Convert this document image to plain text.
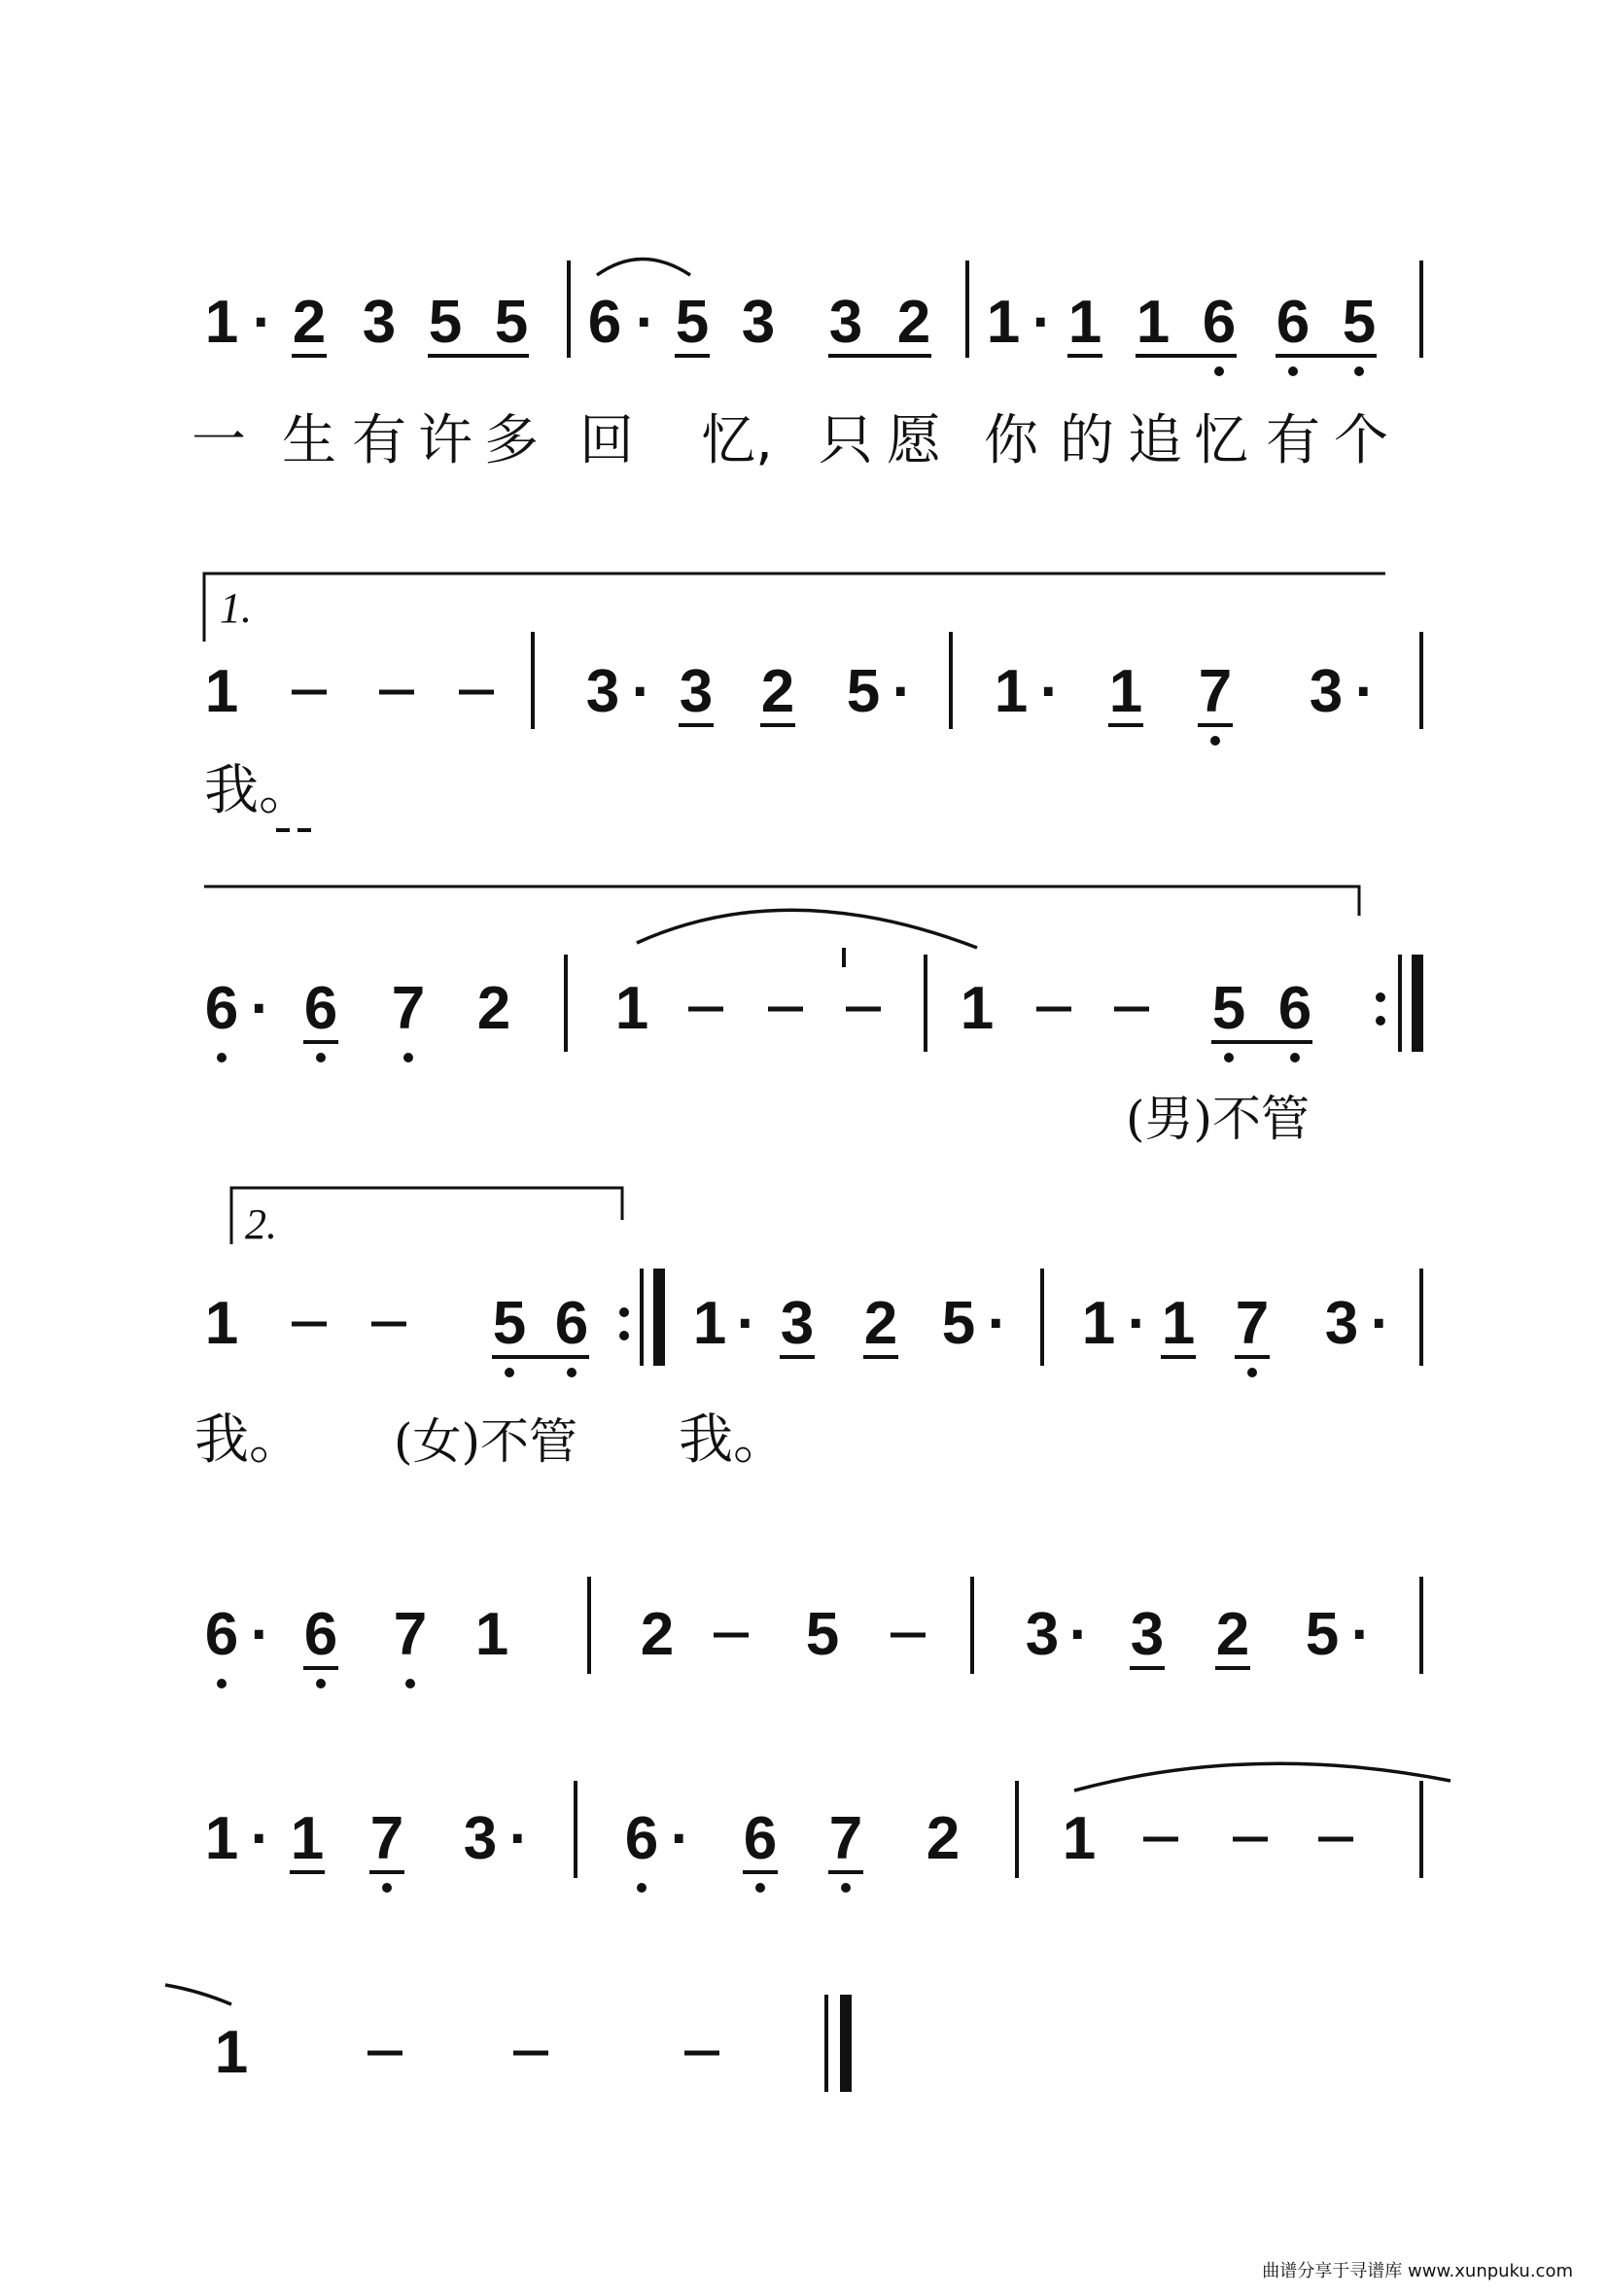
1 · 2 3 5 5 6 · 5 3 3 2 1 · 1 1 6 6 5
一 生 有 许 多 回 忆, 只 愿 你 的 追 忆 有 个
1.
1	3 · 3 2 5 · 1 · 1 7 3 ·
我。
6 · 6 7 2 1	1	5 6
(男)不管
2.
1	5 6 1 · 3 2 5 · 1 · 1 7 3 ·
我。 (女)不管 我。
6 · 6 7 1 2 5	3 · 3 2 5 ·
1 · 1 7 3 · 6 · 6 7 2 1
1
曲谱分享于寻谱库 www.xunpuku.com
